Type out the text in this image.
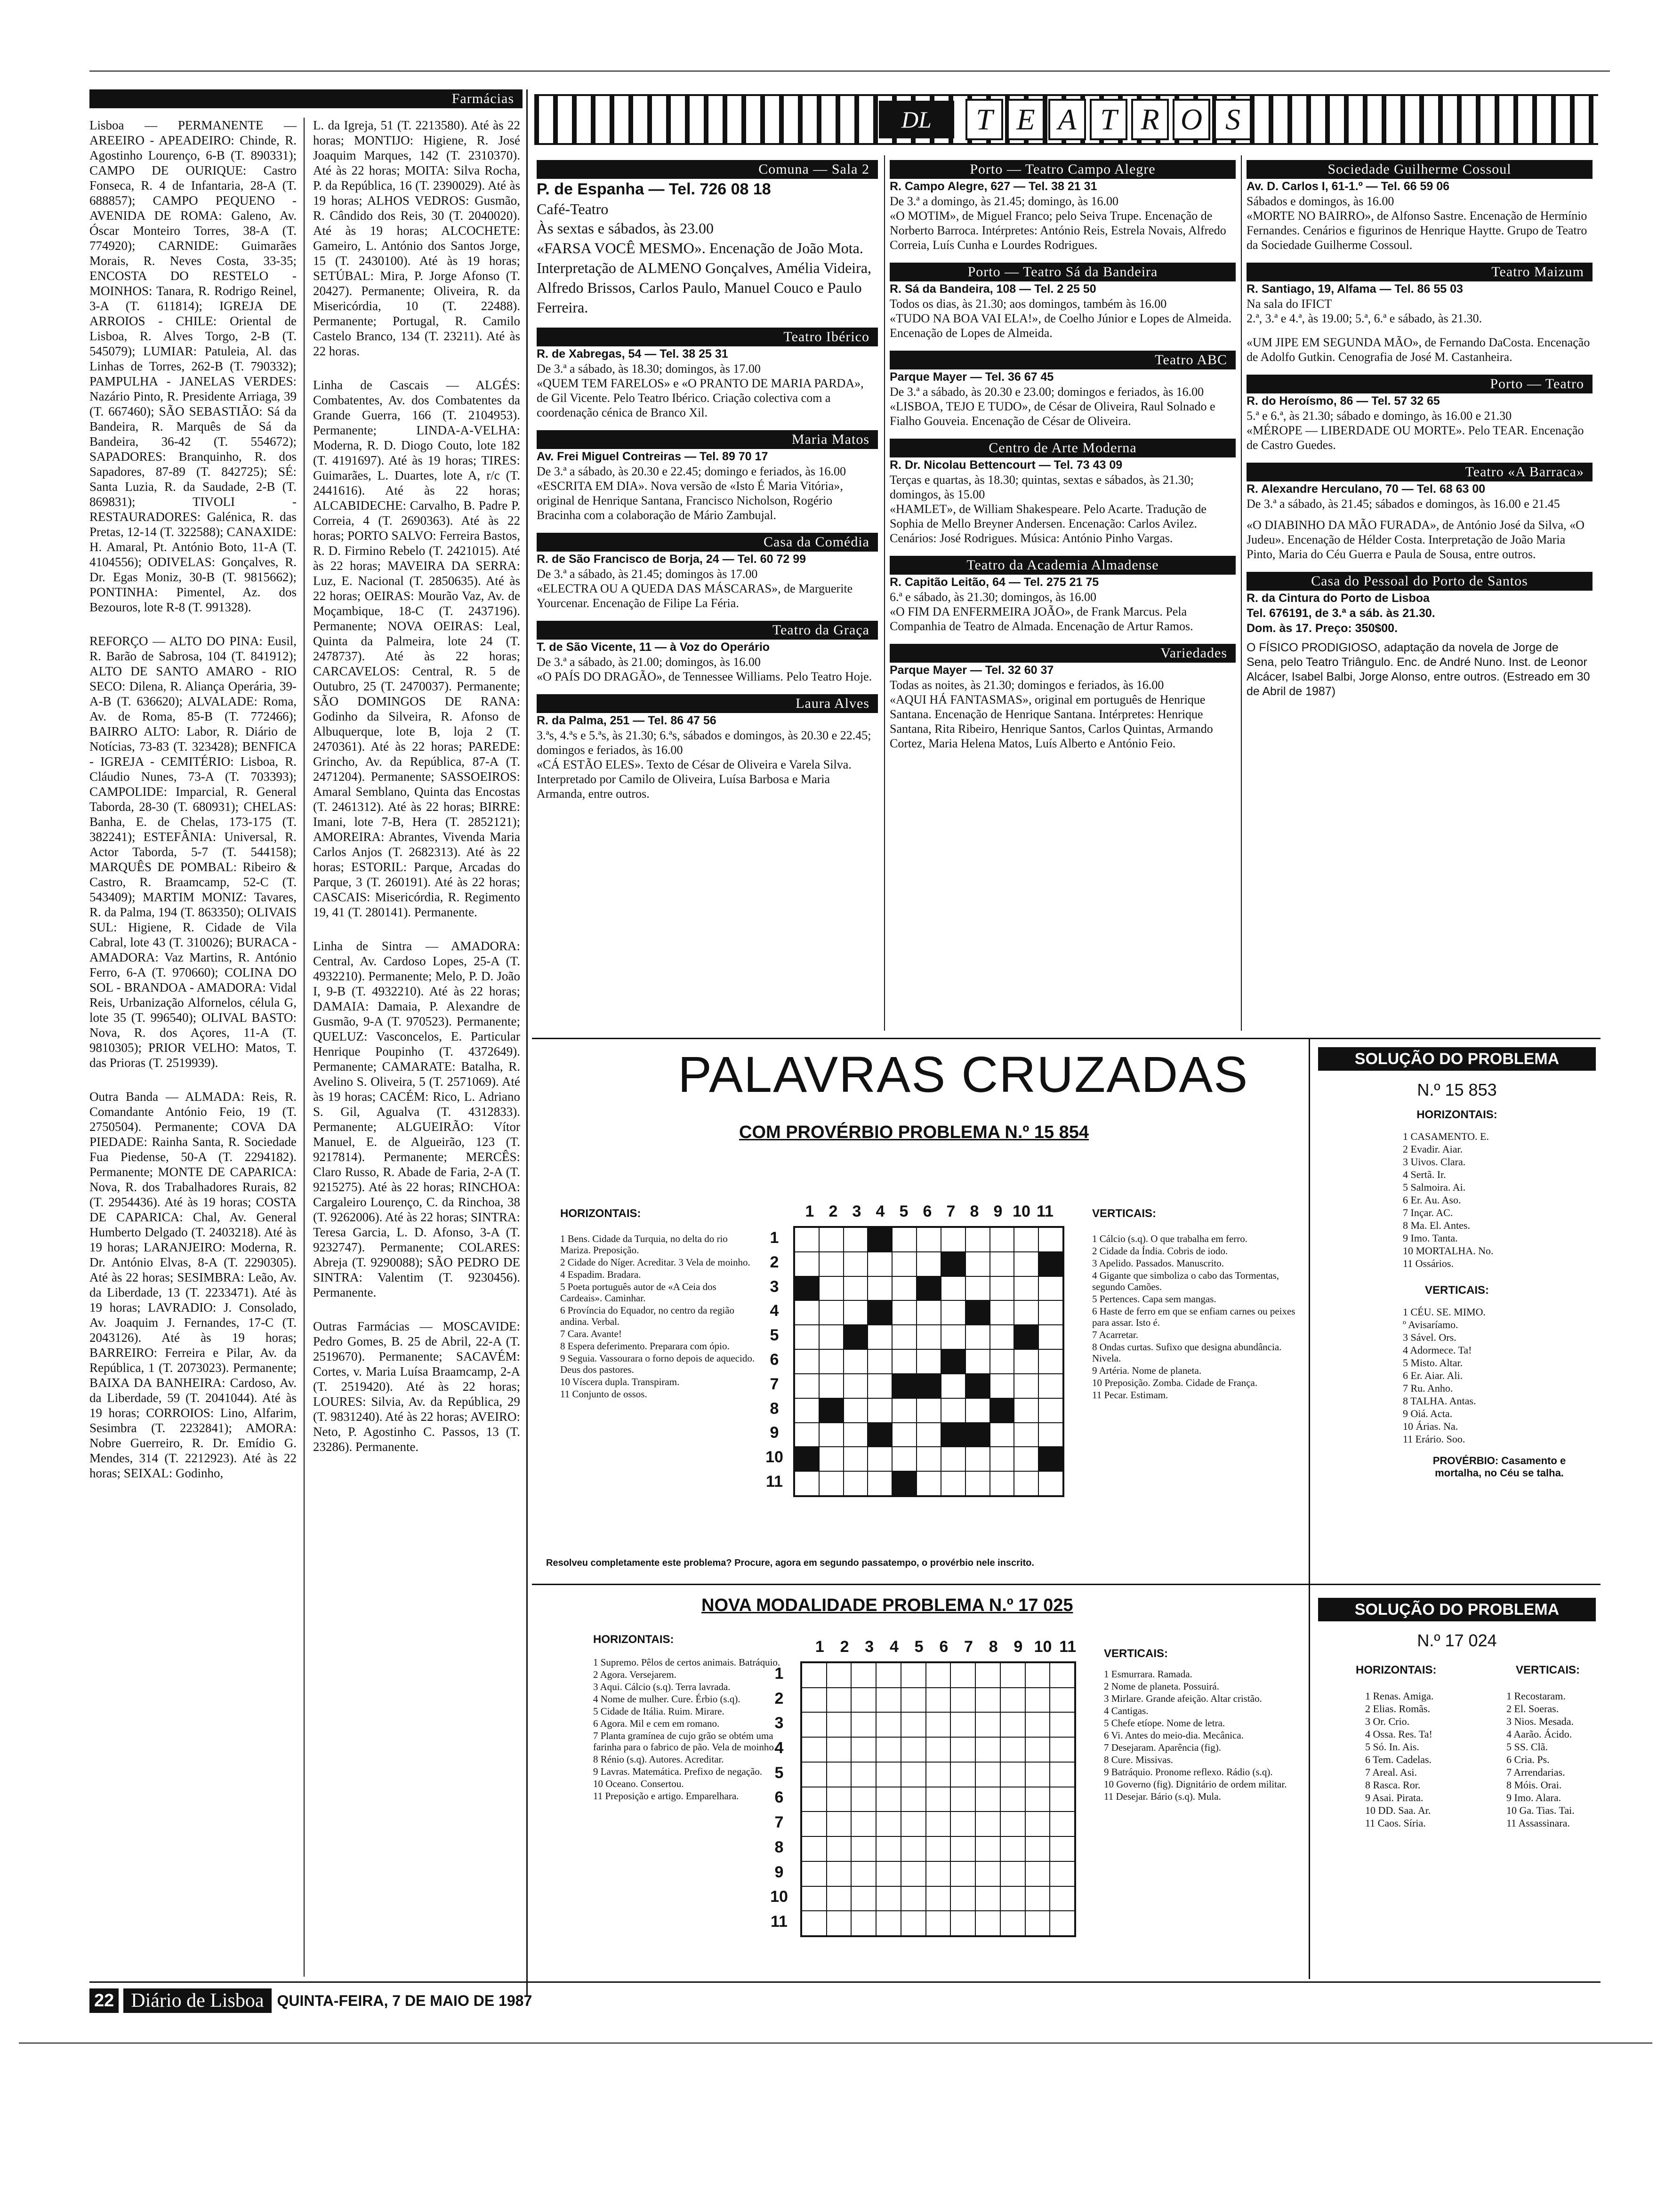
Farmácias

Lisboa — PERMANENTE — AREEIRO - APEADEIRO: Chinde, R. Agostinho Lourenço, 6-B (T. 890331); CAMPO DE OURIQUE: Castro Fonseca, R. 4 de Infantaria, 28-A (T. 688857); CAMPO PEQUENO - AVENIDA DE ROMA: Galeno, Av. Óscar Monteiro Torres, 38-A (T. 774920); CARNIDE: Guimarães Morais, R. Neves Costa, 33-35; ENCOSTA DO RESTELO - MOINHOS: Tanara, R. Rodrigo Reinel, 3-A (T. 611814); IGREJA DE ARROIOS - CHILE: Oriental de Lisboa, R. Alves Torgo, 2-B (T. 545079); LUMIAR: Patuleia, Al. das Linhas de Torres, 262-B (T. 790332); PAMPULHA - JANELAS VERDES: Nazário Pinto, R. Presidente Arriaga, 39 (T. 667460); SÃO SEBASTIÃO: Sá da Bandeira, R. Marquês de Sá da Bandeira, 36-42 (T. 554672); SAPADORES: Branquinho, R. dos Sapadores, 87-89 (T. 842725); SÉ: Santa Luzia, R. da Saudade, 2-B (T. 869831); TIVOLI - RESTAURADORES: Galénica, R. das Pretas, 12-14 (T. 322588); CANAXIDE: H. Amaral, Pt. António Boto, 11-A (T. 4104556); ODIVELAS: Gonçalves, R. Dr. Egas Moniz, 30-B (T. 9815662); PONTINHA: Pimentel, Az. dos Bezouros, lote R-8 (T. 991328).

REFORÇO — ALTO DO PINA: Eusil, R. Barão de Sabrosa, 104 (T. 841912); ALTO DE SANTO AMARO - RIO SECO: Dilena, R. Aliança Operária, 39-A-B (T. 636620); ALVALADE: Roma, Av. de Roma, 85-B (T. 772466); BAIRRO ALTO: Labor, R. Diário de Notícias, 73-83 (T. 323428); BENFICA - IGREJA - CEMITÉRIO: Lisboa, R. Cláudio Nunes, 73-A (T. 703393); CAMPOLIDE: Imparcial, R. General Taborda, 28-30 (T. 680931); CHELAS: Banha, E. de Chelas, 173-175 (T. 382241); ESTEFÂNIA: Universal, R. Actor Taborda, 5-7 (T. 544158); MARQUÊS DE POMBAL: Ribeiro & Castro, R. Braamcamp, 52-C (T. 543409); MARTIM MONIZ: Tavares, R. da Palma, 194 (T. 863350); OLIVAIS SUL: Higiene, R. Cidade de Vila Cabral, lote 43 (T. 310026); BURACA - AMADORA: Vaz Martins, R. António Ferro, 6-A (T. 970660); COLINA DO SOL - BRANDOA - AMADORA: Vidal Reis, Urbanização Alfornelos, célula G, lote 35 (T. 996540); OLIVAL BASTO: Nova, R. dos Açores, 11-A (T. 9810305); PRIOR VELHO: Matos, T. das Prioras (T. 2519939).

Outra Banda — ALMADA: Reis, R. Comandante António Feio, 19 (T. 2750504). Permanente; COVA DA PIEDADE: Rainha Santa, R. Sociedade Fua Piedense, 50-A (T. 2294182). Permanente; MONTE DE CAPARICA: Nova, R. dos Trabalhadores Rurais, 82 (T. 2954436). Até às 19 horas; COSTA DE CAPARICA: Chal, Av. General Humberto Delgado (T. 2403218). Até às 19 horas; LARANJEIRO: Moderna, R. Dr. António Elvas, 8-A (T. 2290305). Até às 22 horas; SESIMBRA: Leão, Av. da Liberdade, 13 (T. 2233471). Até às 19 horas; LAVRADIO: J. Consolado, Av. Joaquim J. Fernandes, 17-C (T. 2043126). Até às 19 horas; BARREIRO: Ferreira e Pilar, Av. da República, 1 (T. 2073023). Permanente; BAIXA DA BANHEIRA: Cardoso, Av. da Liberdade, 59 (T. 2041044). Até às 19 horas; CORROIOS: Lino, Alfarim, Sesimbra (T. 2232841); AMORA: Nobre Guerreiro, R. Dr. Emídio G. Mendes, 314 (T. 2212923). Até às 22 horas; SEIXAL: Godinho,

L. da Igreja, 51 (T. 2213580). Até às 22 horas; MONTIJO: Higiene, R. José Joaquim Marques, 142 (T. 2310370). Até às 22 horas; MOITA: Silva Rocha, P. da República, 16 (T. 2390029). Até às 19 horas; ALHOS VEDROS: Gusmão, R. Cândido dos Reis, 30 (T. 2040020). Até às 19 horas; ALCOCHETE: Gameiro, L. António dos Santos Jorge, 15 (T. 2430100). Até às 19 horas; SETÚBAL: Mira, P. Jorge Afonso (T. 20427). Permanente; Oliveira, R. da Misericórdia, 10 (T. 22488). Permanente; Portugal, R. Camilo Castelo Branco, 134 (T. 23211). Até às 22 horas.

Linha de Cascais — ALGÉS: Combatentes, Av. dos Combatentes da Grande Guerra, 166 (T. 2104953). Permanente; LINDA-A-VELHA: Moderna, R. D. Diogo Couto, lote 182 (T. 4191697). Até às 19 horas; TIRES: Guimarães, L. Duartes, lote A, r/c (T. 2441616). Até às 22 horas; ALCABIDECHE: Carvalho, B. Padre P. Correia, 4 (T. 2690363). Até às 22 horas; PORTO SALVO: Ferreira Bastos, R. D. Firmino Rebelo (T. 2421015). Até às 22 horas; MAVEIRA DA SERRA: Luz, E. Nacional (T. 2850635). Até às 22 horas; OEIRAS: Mourão Vaz, Av. de Moçambique, 18-C (T. 2437196). Permanente; NOVA OEIRAS: Leal, Quinta da Palmeira, lote 24 (T. 2478737). Até às 22 horas; CARCAVELOS: Central, R. 5 de Outubro, 25 (T. 2470037). Permanente; SÃO DOMINGOS DE RANA: Godinho da Silveira, R. Afonso de Albuquerque, lote B, loja 2 (T. 2470361). Até às 22 horas; PAREDE: Grincho, Av. da República, 87-A (T. 2471204). Permanente; SASSOEIROS: Amaral Semblano, Quinta das Encostas (T. 2461312). Até às 22 horas; BIRRE: Imani, lote 7-B, Hera (T. 2852121); AMOREIRA: Abrantes, Vivenda Maria Carlos Anjos (T. 2682313). Até às 22 horas; ESTORIL: Parque, Arcadas do Parque, 3 (T. 260191). Até às 22 horas; CASCAIS: Misericórdia, R. Regimento 19, 41 (T. 280141). Permanente.

Linha de Sintra — AMADORA: Central, Av. Cardoso Lopes, 25-A (T. 4932210). Permanente; Melo, P. D. João I, 9-B (T. 4932210). Até às 22 horas; DAMAIA: Damaia, P. Alexandre de Gusmão, 9-A (T. 970523). Permanente; QUELUZ: Vasconcelos, E. Particular Henrique Poupinho (T. 4372649). Permanente; CAMARATE: Batalha, R. Avelino S. Oliveira, 5 (T. 2571069). Até às 19 horas; CACÉM: Rico, L. Adriano S. Gil, Agualva (T. 4312833). Permanente; ALGUEIRÃO: Vítor Manuel, E. de Algueirão, 123 (T. 9217814). Permanente; MERCÊS: Claro Russo, R. Abade de Faria, 2-A (T. 9215275). Até às 22 horas; RINCHOA: Cargaleiro Lourenço, C. da Rinchoa, 38 (T. 9262006). Até às 22 horas; SINTRA: Teresa Garcia, L. D. Afonso, 3-A (T. 9232747). Permanente; COLARES: Abreja (T. 9290088); SÃO PEDRO DE SINTRA: Valentim (T. 9230456). Permanente.

Outras Farmácias — MOSCAVIDE: Pedro Gomes, B. 25 de Abril, 22-A (T. 2519670). Permanente; SACAVÉM: Cortes, v. Maria Luísa Braamcamp, 2-A (T. 2519420). Até às 22 horas; LOURES: Silvia, Av. da República, 29 (T. 9831240). Até às 22 horas; AVEIRO: Neto, P. Agostinho C. Passos, 13 (T. 23286). Permanente.

DL	T E A T R O S
Comuna — Sala 2
P. de Espanha — Tel. 726 08 18
Café-Teatro
Às sextas e sábados, às 23.00
«FARSA VOCÊ MESMO». Encenação de João Mota. Interpretação de ALMENO Gonçalves, Amélia Videira, Alfredo Brissos, Carlos Paulo, Manuel Couco e Paulo Ferreira.
Teatro Ibérico
R. de Xabregas, 54 — Tel. 38 25 31
De 3.ª a sábado, às 18.30; domingos, às 17.00
«QUEM TEM FARELOS» e «O PRANTO DE MARIA PARDA», de Gil Vicente. Pelo Teatro Ibérico. Criação colectiva com a coordenação cénica de Branco Xil.
Maria Matos
Av. Frei Miguel Contreiras — Tel. 89 70 17
De 3.ª a sábado, às 20.30 e 22.45; domingo e feriados, às 16.00
«ESCRITA EM DIA». Nova versão de «Isto É Maria Vitória», original de Henrique Santana, Francisco Nicholson, Rogério Bracinha com a colaboração de Mário Zambujal.
Casa da Comédia
R. de São Francisco de Borja, 24 — Tel. 60 72 99
De 3.ª a sábado, às 21.45; domingos às 17.00
«ELECTRA OU A QUEDA DAS MÁSCARAS», de Marguerite Yourcenar. Encenação de Filipe La Féria.
Teatro da Graça
T. de São Vicente, 11 — à Voz do Operário
De 3.ª a sábado, às 21.00; domingos, às 16.00
«O PAÍS DO DRAGÃO», de Tennessee Williams. Pelo Teatro Hoje.
Laura Alves
R. da Palma, 251 — Tel. 86 47 56
3.ªs, 4.ªs e 5.ªs, às 21.30; 6.ªs, sábados e domingos, às 20.30 e 22.45; domingos e feriados, às 16.00
«CÁ ESTÃO ELES». Texto de César de Oliveira e Varela Silva. Interpretado por Camilo de Oliveira, Luísa Barbosa e Maria Armanda, entre outros.
Porto — Teatro Campo Alegre
R. Campo Alegre, 627 — Tel. 38 21 31
De 3.ª a domingo, às 21.45; domingo, às 16.00
«O MOTIM», de Miguel Franco; pelo Seiva Trupe. Encenação de Norberto Barroca. Intérpretes: António Reis, Estrela Novais, Alfredo Correia, Luís Cunha e Lourdes Rodrigues.
Porto — Teatro Sá da Bandeira
R. Sá da Bandeira, 108 — Tel. 2 25 50
Todos os dias, às 21.30; aos domingos, também às 16.00
«TUDO NA BOA VAI ELA!», de Coelho Júnior e Lopes de Almeida. Encenação de Lopes de Almeida.
Teatro ABC
Parque Mayer — Tel. 36 67 45
De 3.ª a sábado, às 20.30 e 23.00; domingos e feriados, às 16.00
«LISBOA, TEJO E TUDO», de César de Oliveira, Raul Solnado e Fialho Gouveia. Encenação de César de Oliveira.
Centro de Arte Moderna
R. Dr. Nicolau Bettencourt — Tel. 73 43 09
Terças e quartas, às 18.30; quintas, sextas e sábados, às 21.30; domingos, às 15.00
«HAMLET», de William Shakespeare. Pelo Acarte. Tradução de Sophia de Mello Breyner Andersen. Encenação: Carlos Avilez. Cenários: José Rodrigues. Música: António Pinho Vargas.
Teatro da Academia Almadense
R. Capitão Leitão, 64 — Tel. 275 21 75
6.ª e sábado, às 21.30; domingos, às 16.00
«O FIM DA ENFERMEIRA JOÃO», de Frank Marcus. Pela Companhia de Teatro de Almada. Encenação de Artur Ramos.
Variedades
Parque Mayer — Tel. 32 60 37
Todas as noites, às 21.30; domingos e feriados, às 16.00
«AQUI HÁ FANTASMAS», original em português de Henrique Santana. Encenação de Henrique Santana. Intérpretes: Henrique Santana, Rita Ribeiro, Henrique Santos, Carlos Quintas, Armando Cortez, Maria Helena Matos, Luís Alberto e António Feio.
Sociedade Guilherme Cossoul
Av. D. Carlos I, 61-1.º — Tel. 66 59 06
Sábados e domingos, às 16.00
«MORTE NO BAIRRO», de Alfonso Sastre. Encenação de Hermínio Fernandes. Cenários e figurinos de Henrique Haytte. Grupo de Teatro da Sociedade Guilherme Cossoul.
Teatro Maizum
R. Santiago, 19, Alfama — Tel. 86 55 03
Na sala do IFICT
2.ª, 3.ª e 4.ª, às 19.00; 5.ª, 6.ª e sábado, às 21.30.
«UM JIPE EM SEGUNDA MÃO», de Fernando DaCosta. Encenação de Adolfo Gutkin. Cenografia de José M. Castanheira.
Porto — Teatro
R. do Heroísmo, 86 — Tel. 57 32 65
5.ª e 6.ª, às 21.30; sábado e domingo, às 16.00 e 21.30
«MÉROPE — LIBERDADE OU MORTE». Pelo TEAR. Encenação de Castro Guedes.
Teatro «A Barraca»
R. Alexandre Herculano, 70 — Tel. 68 63 00
De 3.ª a sábado, às 21.45; sábados e domingos, às 16.00 e 21.45
«O DIABINHO DA MÃO FURADA», de António José da Silva, «O Judeu». Encenação de Hélder Costa. Interpretação de João Maria Pinto, Maria do Céu Guerra e Paula de Sousa, entre outros.
Casa do Pessoal do Porto de Santos
R. da Cintura do Porto de Lisboa
Tel. 676191, de 3.ª a sáb. às 21.30.
Dom. às 17. Preço: 350$00.
O FÍSICO PRODIGIOSO, adaptação da novela de Jorge de Sena, pelo Teatro Triângulo. Enc. de André Nuno. Inst. de Leonor Alcácer, Isabel Balbi, Jorge Alonso, entre outros. (Estreado em 30 de Abril de 1987)
PALAVRAS CRUZADAS
COM PROVÉRBIO PROBLEMA N.º 15 854
HORIZONTAIS:
1 Bens. Cidade da Turquia, no delta do rio Mariza. Preposição.
2 Cidade do Níger. Acreditar. 3 Vela de moinho.
4 Espadim. Bradara.
5 Poeta português autor de «A Ceia dos Cardeais». Caminhar.
6 Província do Equador, no centro da região andina. Verbal.
7 Cara. Avante!
8 Espera deferimento. Preparara com ópio.
9 Seguia. Vassourara o forno depois de aquecido. Deus dos pastores.
10 Víscera dupla. Transpiram.
11 Conjunto de ossos.
1 2 3 4 5 6 7 8 9 10 11
1
2
3
4
5
6
7
8
9
10
11
VERTICAIS:
1 Cálcio (s.q). O que trabalha em ferro.
2 Cidade da Índia. Cobris de iodo.
3 Apelido. Passados. Manuscrito.
4 Gigante que simboliza o cabo das Tormentas, segundo Camões.
5 Pertences. Capa sem mangas.
6 Haste de ferro em que se enfiam carnes ou peixes para assar. Isto é.
7 Acarretar.
8 Ondas curtas. Sufixo que designa abundância. Nivela.
9 Artéria. Nome de planeta.
10 Preposição. Zomba. Cidade de França.
11 Pecar. Estimam.
Resolveu completamente este problema? Procure, agora em segundo passatempo, o provérbio nele inscrito.
SOLUÇÃO DO PROBLEMA
N.º 15 853
HORIZONTAIS:
1 CASAMENTO. E.
2 Evadir. Aiar.
3 Uivos. Clara.
4 Sertã. Ir.
5 Salmoira. Ai.
6 Er. Au. Aso.
7 Inçar. AC.
8 Ma. El. Antes.
9 Imo. Tanta.
10 MORTALHA. No.
11 Ossários.
VERTICAIS:
1 CÉU. SE. MIMO.
º Avisaríamo.
3 Sável. Ors.
4 Adormece. Ta!
5 Misto. Altar.
6 Er. Aiar. Ali.
7 Ru. Anho.
8 TALHA. Antas.
9 Oiá. Acta.
10 Árias. Na.
11 Erário. Soo.
PROVÉRBIO: Casamento e mortalha, no Céu se talha.
NOVA MODALIDADE PROBLEMA N.º 17 025
HORIZONTAIS:
1 Supremo. Pêlos de certos animais. Batráquio.
2 Agora. Versejarem.
3 Aqui. Cálcio (s.q). Terra lavrada.
4 Nome de mulher. Cure. Érbio (s.q).
5 Cidade de Itália. Ruim. Mirare.
6 Agora. Mil e cem em romano.
7 Planta gramínea de cujo grão se obtém uma farinha para o fabrico de pão. Vela de moinho.
8 Rénio (s.q). Autores. Acreditar.
9 Lavras. Matemática. Prefixo de negação.
10 Oceano. Consertou.
11 Preposição e artigo. Emparelhara.
1 2 3 4 5 6 7 8 9 10 11
1
2
3
4
5
6
7
8
9
10
11
VERTICAIS:
1 Esmurrara. Ramada.
2 Nome de planeta. Possuirá.
3 Mirlare. Grande afeição. Altar cristão.
4 Cantigas.
5 Chefe etíope. Nome de letra.
6 Vi. Antes do meio-dia. Mecânica.
7 Desejaram. Aparência (fig).
8 Cure. Missivas.
9 Batráquio. Pronome reflexo. Rádio (s.q).
10 Governo (fig). Dignitário de ordem militar.
11 Desejar. Bário (s.q). Mula.
SOLUÇÃO DO PROBLEMA
N.º 17 024
HORIZONTAIS:
1 Renas. Amiga.
2 Elias. Romãs.
3 Or. Crio.
4 Ossa. Res. Ta!
5 Só. In. Ais.
6 Tem. Cadelas.
7 Areal. Asi.
8 Rasca. Ror.
9 Asai. Pirata.
10 DD. Saa. Ar.
11 Caos. Síria.
VERTICAIS:
1 Recostaram.
2 El. Soeras.
3 Nios. Mesada.
4 Aarão. Ácido.
5 SS. Clã.
6 Cria. Ps.
7 Arrendarias.
8 Móis. Orai.
9 Imo. Alara.
10 Ga. Tias. Tai.
11 Assassinara.
22 Diário de Lisboa QUINTA-FEIRA, 7 DE MAIO DE 1987
